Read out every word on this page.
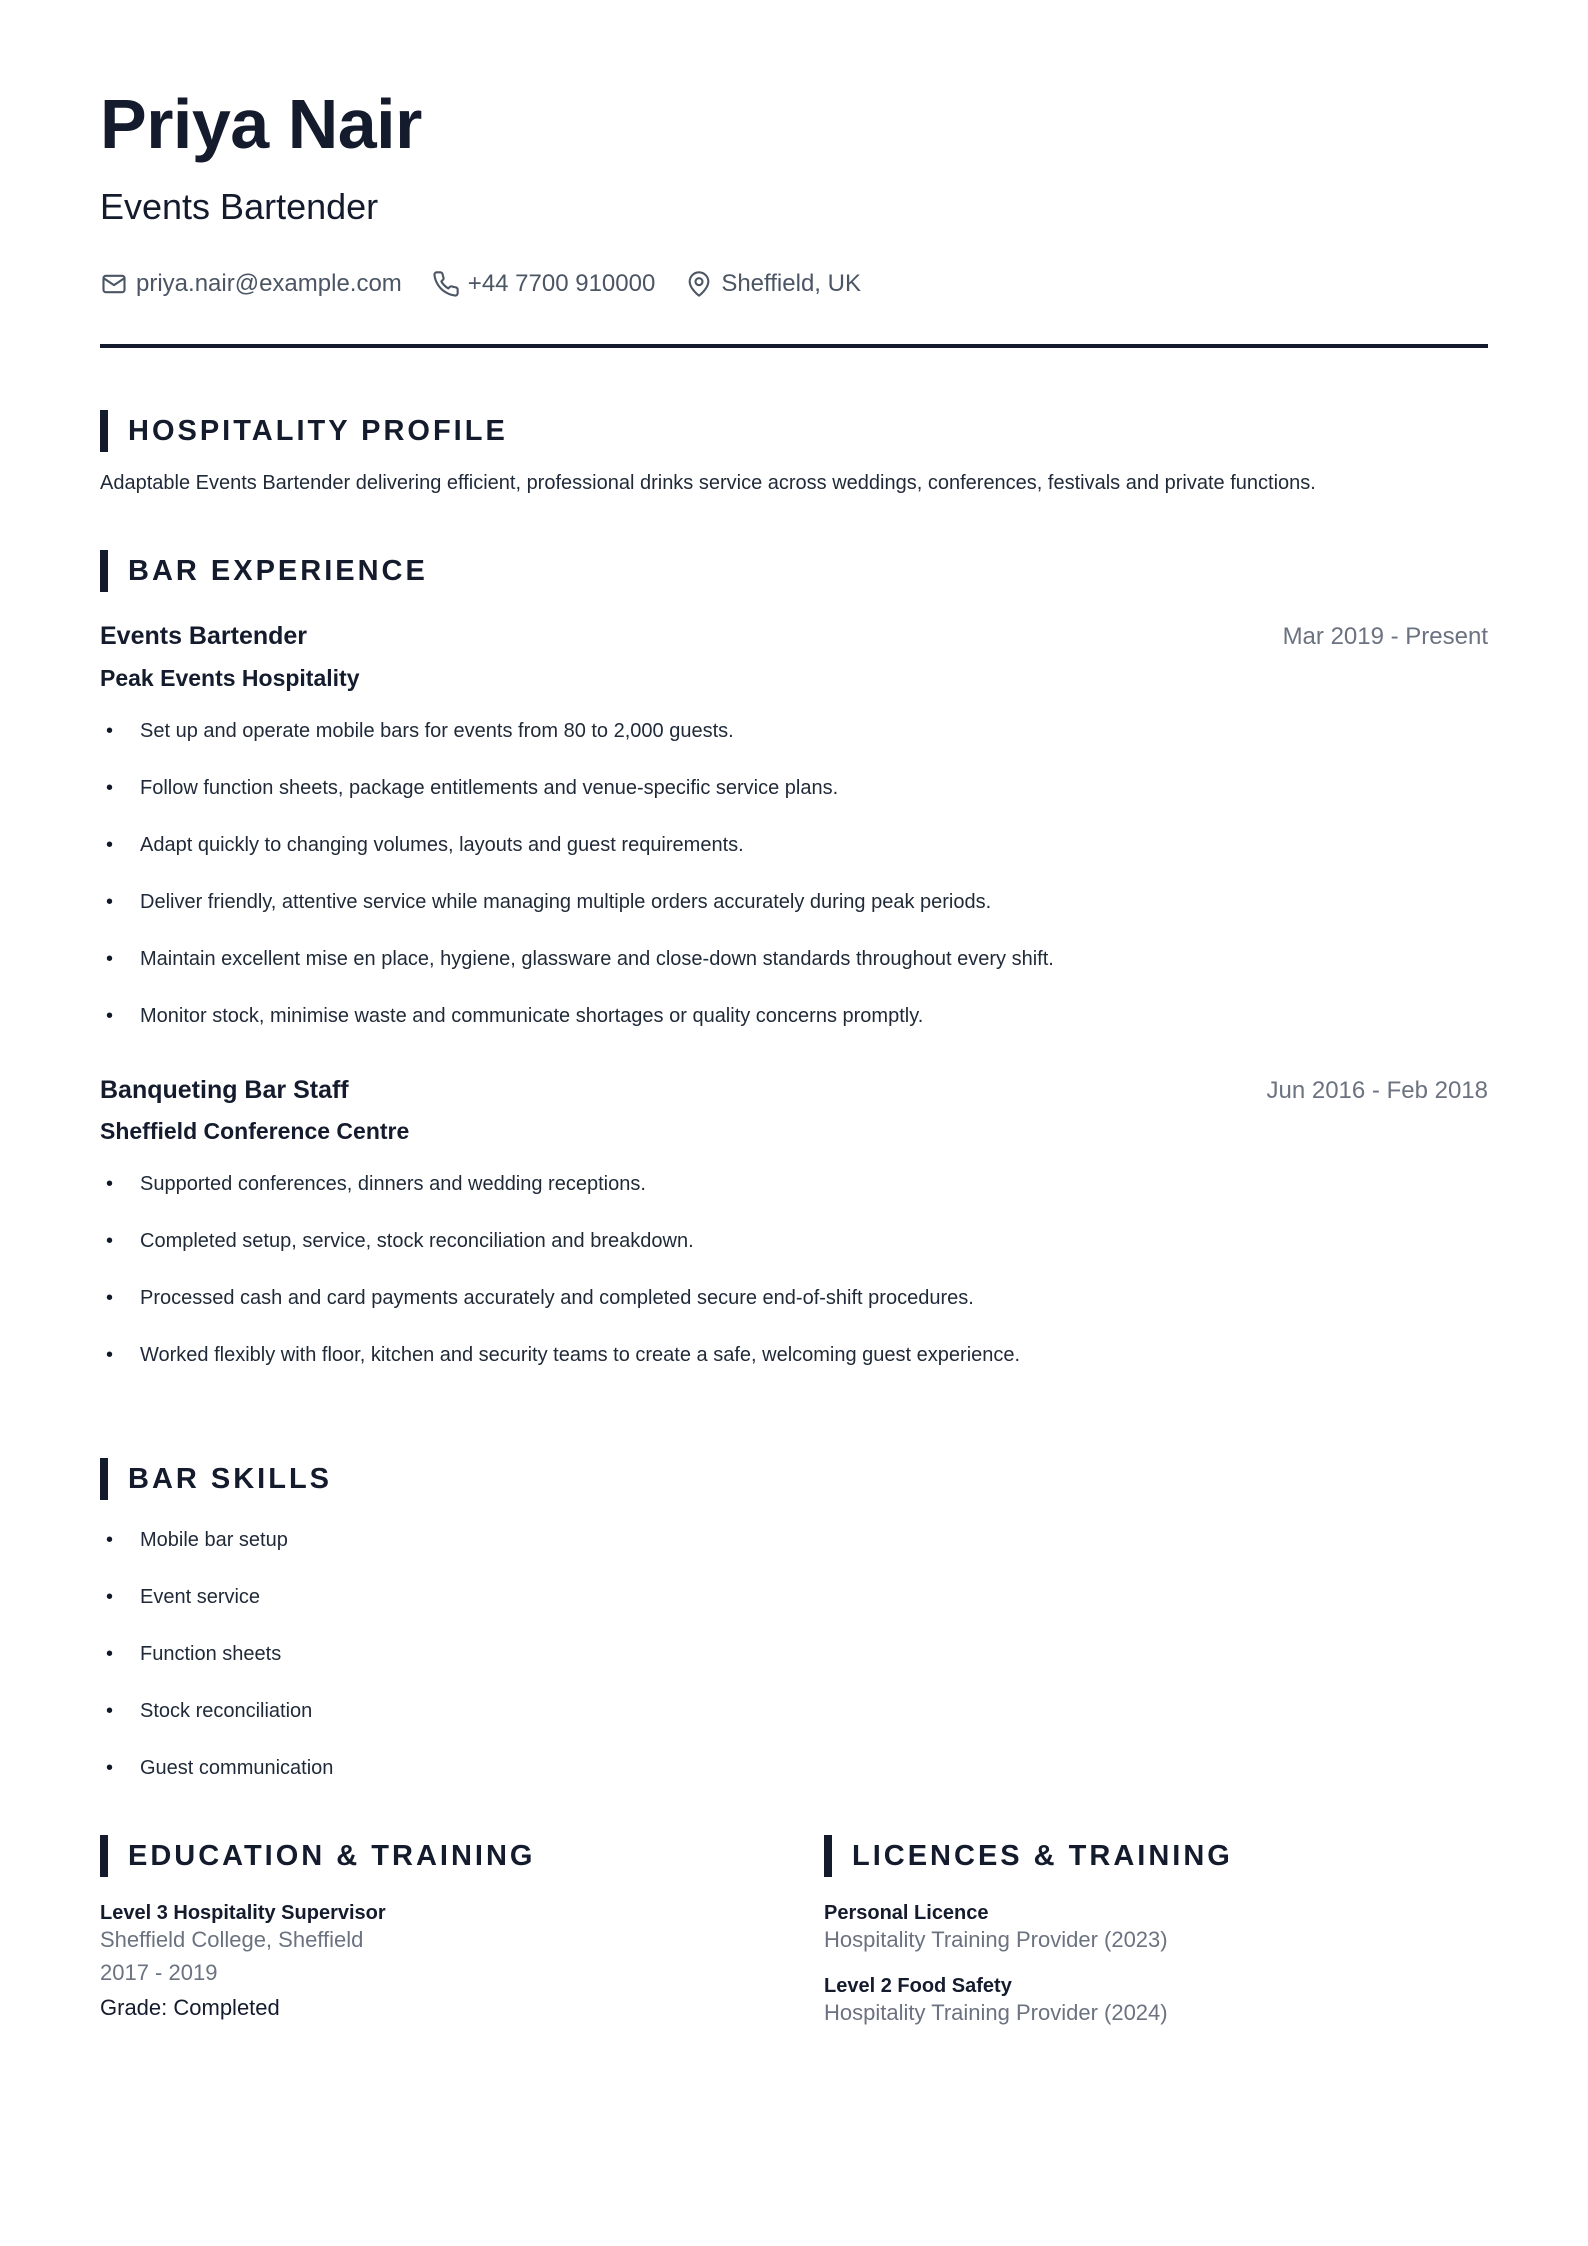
Priya Nair
Events Bartender
priya.nair@example.com	+44 7700 910000	Sheffield, UK
HOSPITALITY PROFILE
Adaptable Events Bartender delivering efficient, professional drinks service across weddings, conferences, festivals and private functions.
BAR EXPERIENCE
Events Bartender	Mar 2019 - Present
Peak Events Hospitality
• Set up and operate mobile bars for events from 80 to 2,000 guests.
• Follow function sheets, package entitlements and venue-specific service plans.
• Adapt quickly to changing volumes, layouts and guest requirements.
• Deliver friendly, attentive service while managing multiple orders accurately during peak periods.
• Maintain excellent mise en place, hygiene, glassware and close-down standards throughout every shift.
• Monitor stock, minimise waste and communicate shortages or quality concerns promptly.
Banqueting Bar Staff	Jun 2016 - Feb 2018
Sheffield Conference Centre
• Supported conferences, dinners and wedding receptions.
• Completed setup, service, stock reconciliation and breakdown.
• Processed cash and card payments accurately and completed secure end-of-shift procedures.
• Worked flexibly with floor, kitchen and security teams to create a safe, welcoming guest experience.
BAR SKILLS
• Mobile bar setup
• Event service
• Function sheets
• Stock reconciliation
• Guest communication
EDUCATION & TRAINING

Level 3 Hospitality Supervisor

Sheffield College, Sheffield

2017 - 2019

Grade: Completed

LICENCES & TRAINING

Personal Licence

Hospitality Training Provider (2023)

Level 2 Food Safety

Hospitality Training Provider (2024)
